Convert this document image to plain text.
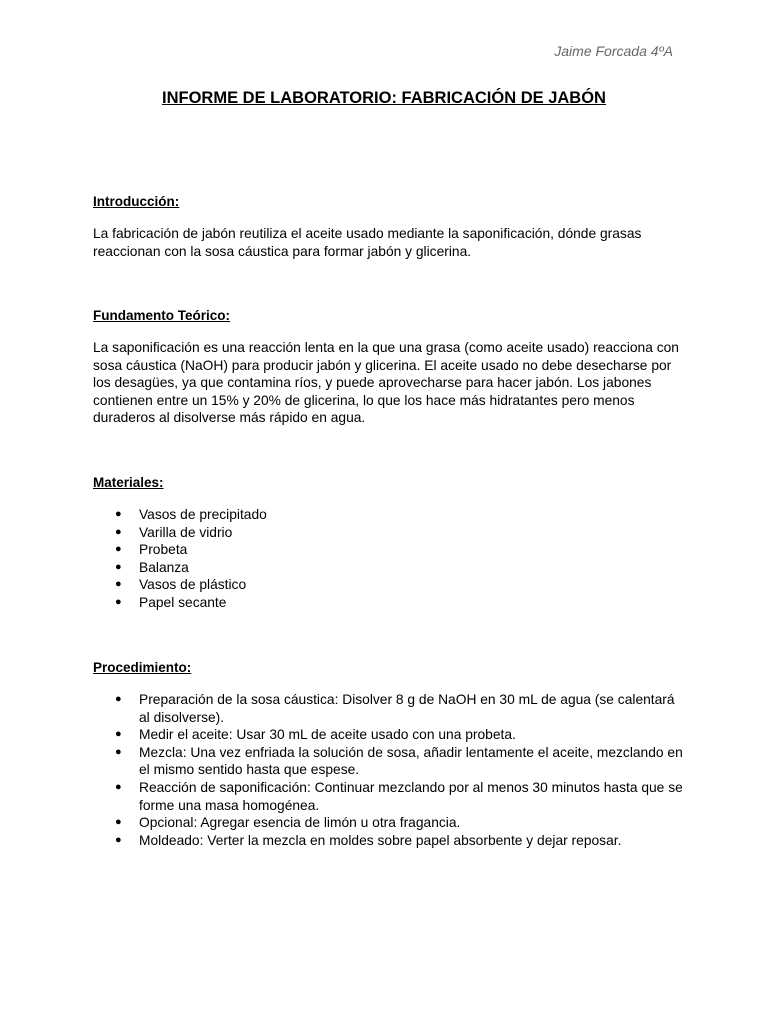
Jaime Forcada 4ºA
INFORME DE LABORATORIO: FABRICACIÓN DE JABÓN

Introducción:

La fabricación de jabón reutiliza el aceite usado mediante la saponificación, dónde grasas reaccionan con la sosa cáustica para formar jabón y glicerina.

Fundamento Teórico:

La saponificación es una reacción lenta en la que una grasa (como aceite usado) reacciona con sosa cáustica (NaOH) para producir jabón y glicerina. El aceite usado no debe desecharse por los desagües, ya que contamina ríos, y puede aprovecharse para hacer jabón. Los jabones contienen entre un 15% y 20% de glicerina, lo que los hace más hidratantes pero menos duraderos al disolverse más rápido en agua.

Materiales:

● Vasos de precipitado
● Varilla de vidrio
● Probeta
● Balanza
● Vasos de plástico
● Papel secante

Procedimiento:

● Preparación de la sosa cáustica: Disolver 8 g de NaOH en 30 mL de agua (se calentará al disolverse).
● Medir el aceite: Usar 30 mL de aceite usado con una probeta.
● Mezcla: Una vez enfriada la solución de sosa, añadir lentamente el aceite, mezclando en el mismo sentido hasta que espese.
● Reacción de saponificación: Continuar mezclando por al menos 30 minutos hasta que se forme una masa homogénea.
● Opcional: Agregar esencia de limón u otra fragancia.
● Moldeado: Verter la mezcla en moldes sobre papel absorbente y dejar reposar.
